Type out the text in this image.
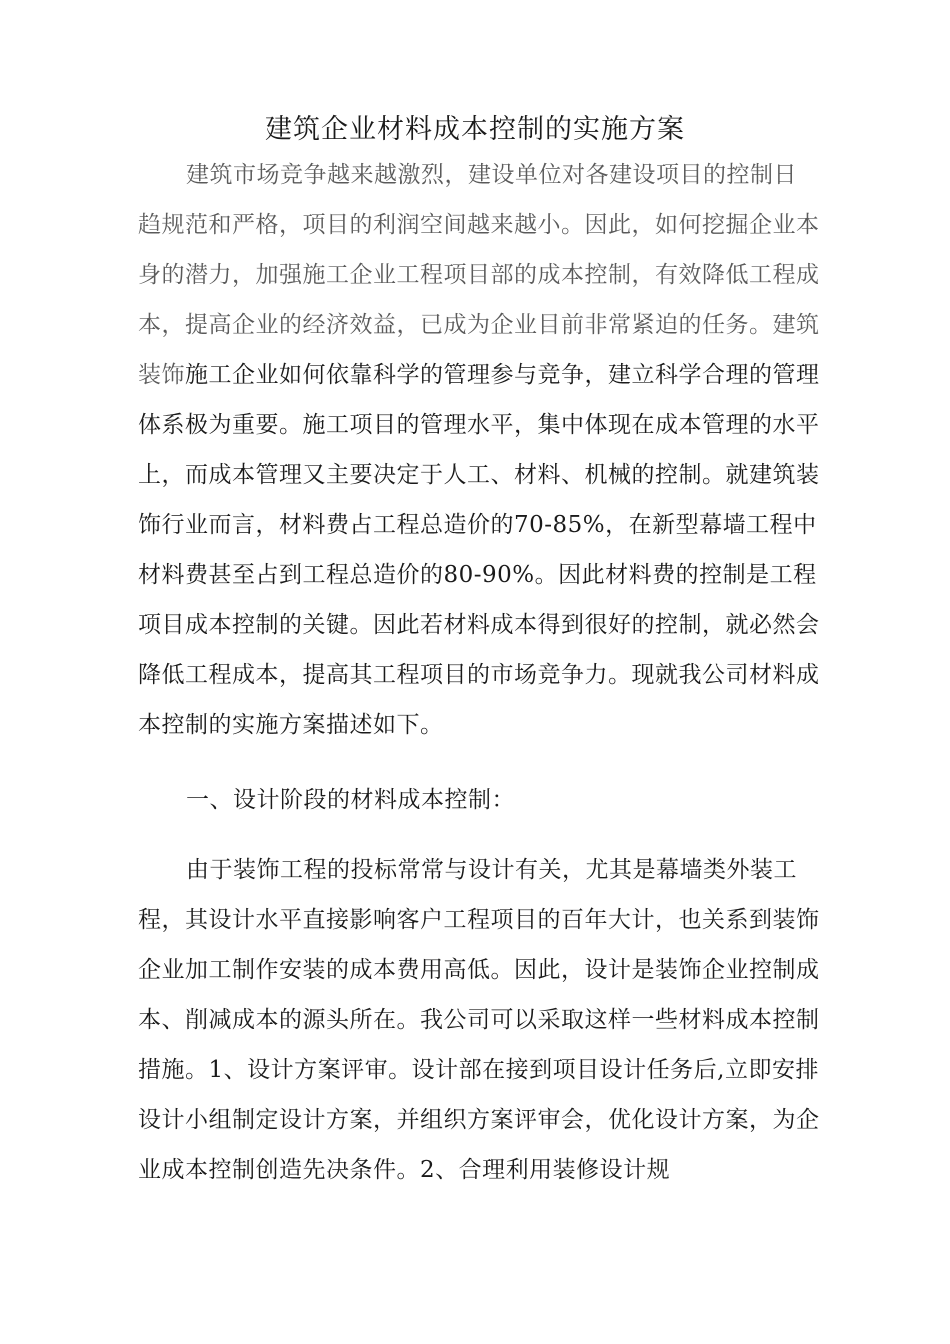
建筑企业材料成本控制的实施方案
建筑市场竞争越来越激烈，建设单位对各建设项目的控制日
趋规范和严格，项目的利润空间越来越小。因此，如何挖掘企业本
身的潜力，加强施工企业工程项目部的成本控制，有效降低工程成
本，提高企业的经济效益，已成为企业目前非常紧迫的任务。建筑
装饰施工企业如何依靠科学的管理参与竞争，建立科学合理的管理
体系极为重要。施工项目的管理水平，集中体现在成本管理的水平
上，而成本管理又主要决定于人工、材料、机械的控制。就建筑装
饰行业而言，材料费占工程总造价的70-85%，在新型幕墙工程中
材料费甚至占到工程总造价的80-90%。因此材料费的控制是工程
项目成本控制的关键。因此若材料成本得到很好的控制，就必然会
降低工程成本，提高其工程项目的市场竞争力。现就我公司材料成
本控制的实施方案描述如下。
一、设计阶段的材料成本控制：
由于装饰工程的投标常常与设计有关，尤其是幕墙类外装工
程，其设计水平直接影响客户工程项目的百年大计，也关系到装饰
企业加工制作安装的成本费用高低。因此，设计是装饰企业控制成
本、削减成本的源头所在。我公司可以采取这样一些材料成本控制
措施。1、设计方案评审。设计部在接到项目设计任务后,立即安排
设计小组制定设计方案，并组织方案评审会，优化设计方案，为企
业成本控制创造先决条件。2、合理利用装修设计规
